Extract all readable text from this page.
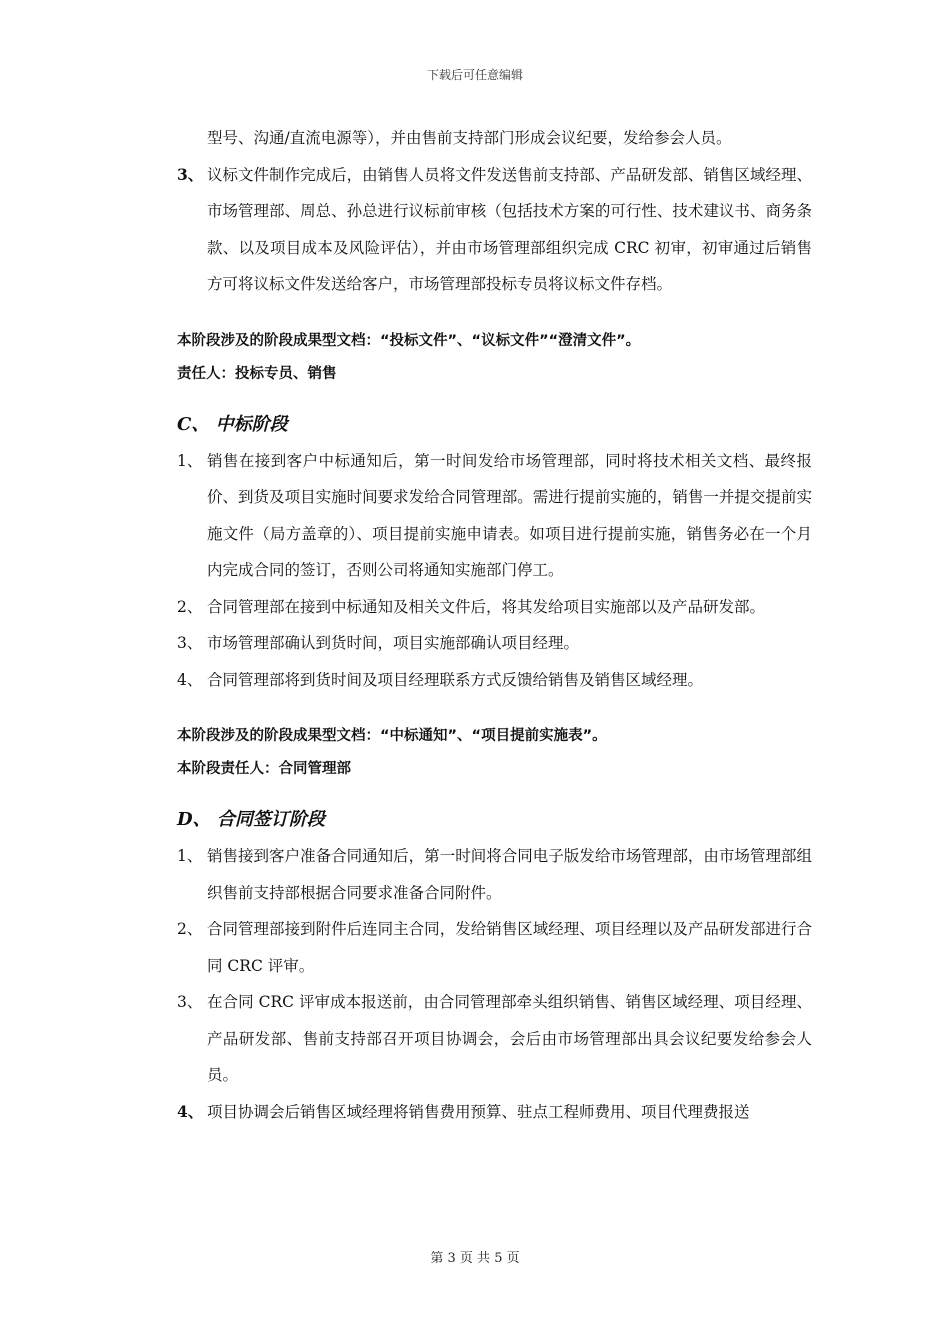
下载后可任意编辑

型号、沟通/直流电源等），并由售前支持部门形成会议纪要，发给参会人员。

3、 议标文件制作完成后，由销售人员将文件发送售前支持部、产品研发部、销售区域经理、市场管理部、周总、孙总进行议标前审核（包括技术方案的可行性、技术建议书、商务条款、以及项目成本及风险评估），并由市场管理部组织完成 CRC 初审，初审通过后销售方可将议标文件发送给客户，市场管理部投标专员将议标文件存档。

本阶段涉及的阶段成果型文档：“投标文件”、“议标文件”“澄清文件”。

责任人：投标专员、销售

C、 中标阶段

1、 销售在接到客户中标通知后，第一时间发给市场管理部，同时将技术相关文档、最终报价、到货及项目实施时间要求发给合同管理部。需进行提前实施的，销售一并提交提前实施文件（局方盖章的）、项目提前实施申请表。如项目进行提前实施，销售务必在一个月内完成合同的签订，否则公司将通知实施部门停工。
2、 合同管理部在接到中标通知及相关文件后，将其发给项目实施部以及产品研发部。
3、 市场管理部确认到货时间，项目实施部确认项目经理。
4、 合同管理部将到货时间及项目经理联系方式反馈给销售及销售区域经理。

本阶段涉及的阶段成果型文档：“中标通知”、“项目提前实施表”。

本阶段责任人：合同管理部

D、 合同签订阶段

1、 销售接到客户准备合同通知后，第一时间将合同电子版发给市场管理部，由市场管理部组织售前支持部根据合同要求准备合同附件。
2、 合同管理部接到附件后连同主合同，发给销售区域经理、项目经理以及产品研发部进行合同 CRC 评审。
3、 在合同 CRC 评审成本报送前，由合同管理部牵头组织销售、销售区域经理、项目经理、产品研发部、售前支持部召开项目协调会，会后由市场管理部出具会议纪要发给参会人员。
4、 项目协调会后销售区域经理将销售费用预算、驻点工程师费用、项目代理费报送
第 3 页 共 5 页
